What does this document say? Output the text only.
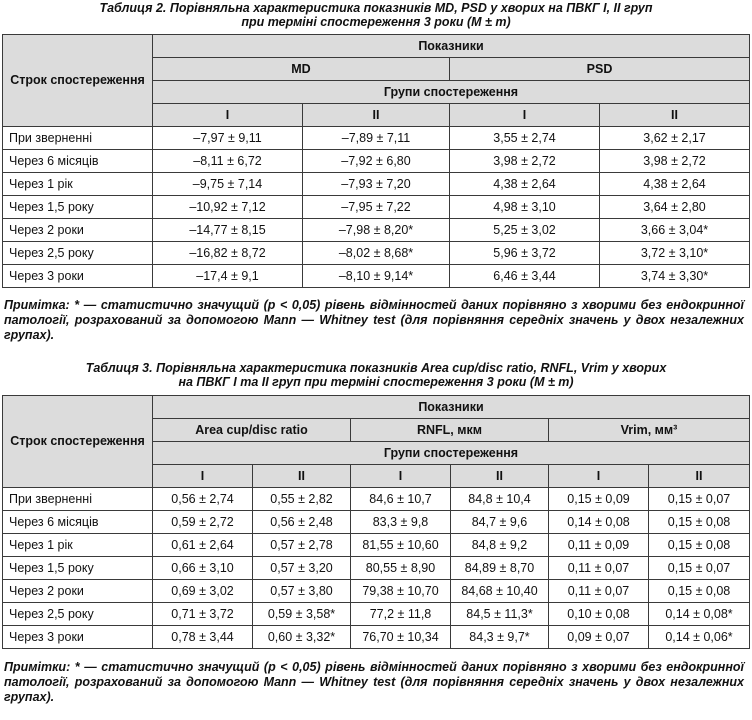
Таблиця 2. Порівняльна характеристика показників MD, PSD у хворих на ПВКГ I, II груп
при терміні спостереження 3 роки (M ± m)

Строк спостереження	Показники			
	MD		PSD	
	Групи спостереження			
	I	II	I	II
При зверненні	–7,97 ± 9,11	–7,89 ± 7,11	3,55 ± 2,74	3,62 ± 2,17
Через 6 місяців	–8,11 ± 6,72	–7,92 ± 6,80	3,98 ± 2,72	3,98 ± 2,72
Через 1 рік	–9,75 ± 7,14	–7,93 ± 7,20	4,38 ± 2,64	4,38 ± 2,64
Через 1,5 року	–10,92 ± 7,12	–7,95 ± 7,22	4,98 ± 3,10	3,64 ± 2,80
Через 2 роки	–14,77 ± 8,15	–7,98 ± 8,20*	5,25 ± 3,02	3,66 ± 3,04*
Через 2,5 року	–16,82 ± 8,72	–8,02 ± 8,68*	5,96 ± 3,72	3,72 ± 3,10*
Через 3 роки	–17,4 ± 9,1	–8,10 ± 9,14*	6,46 ± 3,44	3,74 ± 3,30*

Примітка: * — статистично значущий (p < 0,05) рівень відмінностей даних порівняно з хворими без ендокринної патології, розрахований за допомогою Mann — Whitney test (для порівняння середніх значень у двох незалежних групах).

Таблиця 3. Порівняльна характеристика показників Area cup/disc ratio, RNFL, Vrim у хворих
на ПВКГ I та II груп при терміні спостереження 3 роки (M ± m)

Строк спостереження	Показники					
	Area cup/disc ratio		RNFL, мкм		Vrim, мм³	
	Групи спостереження					
	I	II	I	II	I	II
При зверненні	0,56 ± 2,74	0,55 ± 2,82	84,6 ± 10,7	84,8 ± 10,4	0,15 ± 0,09	0,15 ± 0,07
Через 6 місяців	0,59 ± 2,72	0,56 ± 2,48	83,3 ± 9,8	84,7 ± 9,6	0,14 ± 0,08	0,15 ± 0,08
Через 1 рік	0,61 ± 2,64	0,57 ± 2,78	81,55 ± 10,60	84,8 ± 9,2	0,11 ± 0,09	0,15 ± 0,08
Через 1,5 року	0,66 ± 3,10	0,57 ± 3,20	80,55 ± 8,90	84,89 ± 8,70	0,11 ± 0,07	0,15 ± 0,07
Через 2 роки	0,69 ± 3,02	0,57 ± 3,80	79,38 ± 10,70	84,68 ± 10,40	0,11 ± 0,07	0,15 ± 0,08
Через 2,5 року	0,71 ± 3,72	0,59 ± 3,58*	77,2 ± 11,8	84,5 ± 11,3*	0,10 ± 0,08	0,14 ± 0,08*
Через 3 роки	0,78 ± 3,44	0,60 ± 3,32*	76,70 ± 10,34	84,3 ± 9,7*	0,09 ± 0,07	0,14 ± 0,06*

Примітки: * — статистично значущий (p < 0,05) рівень відмінностей даних порівняно з хворими без ендокринної патології, розрахований за допомогою Mann — Whitney test (для порівняння середніх значень у двох незалежних групах).
